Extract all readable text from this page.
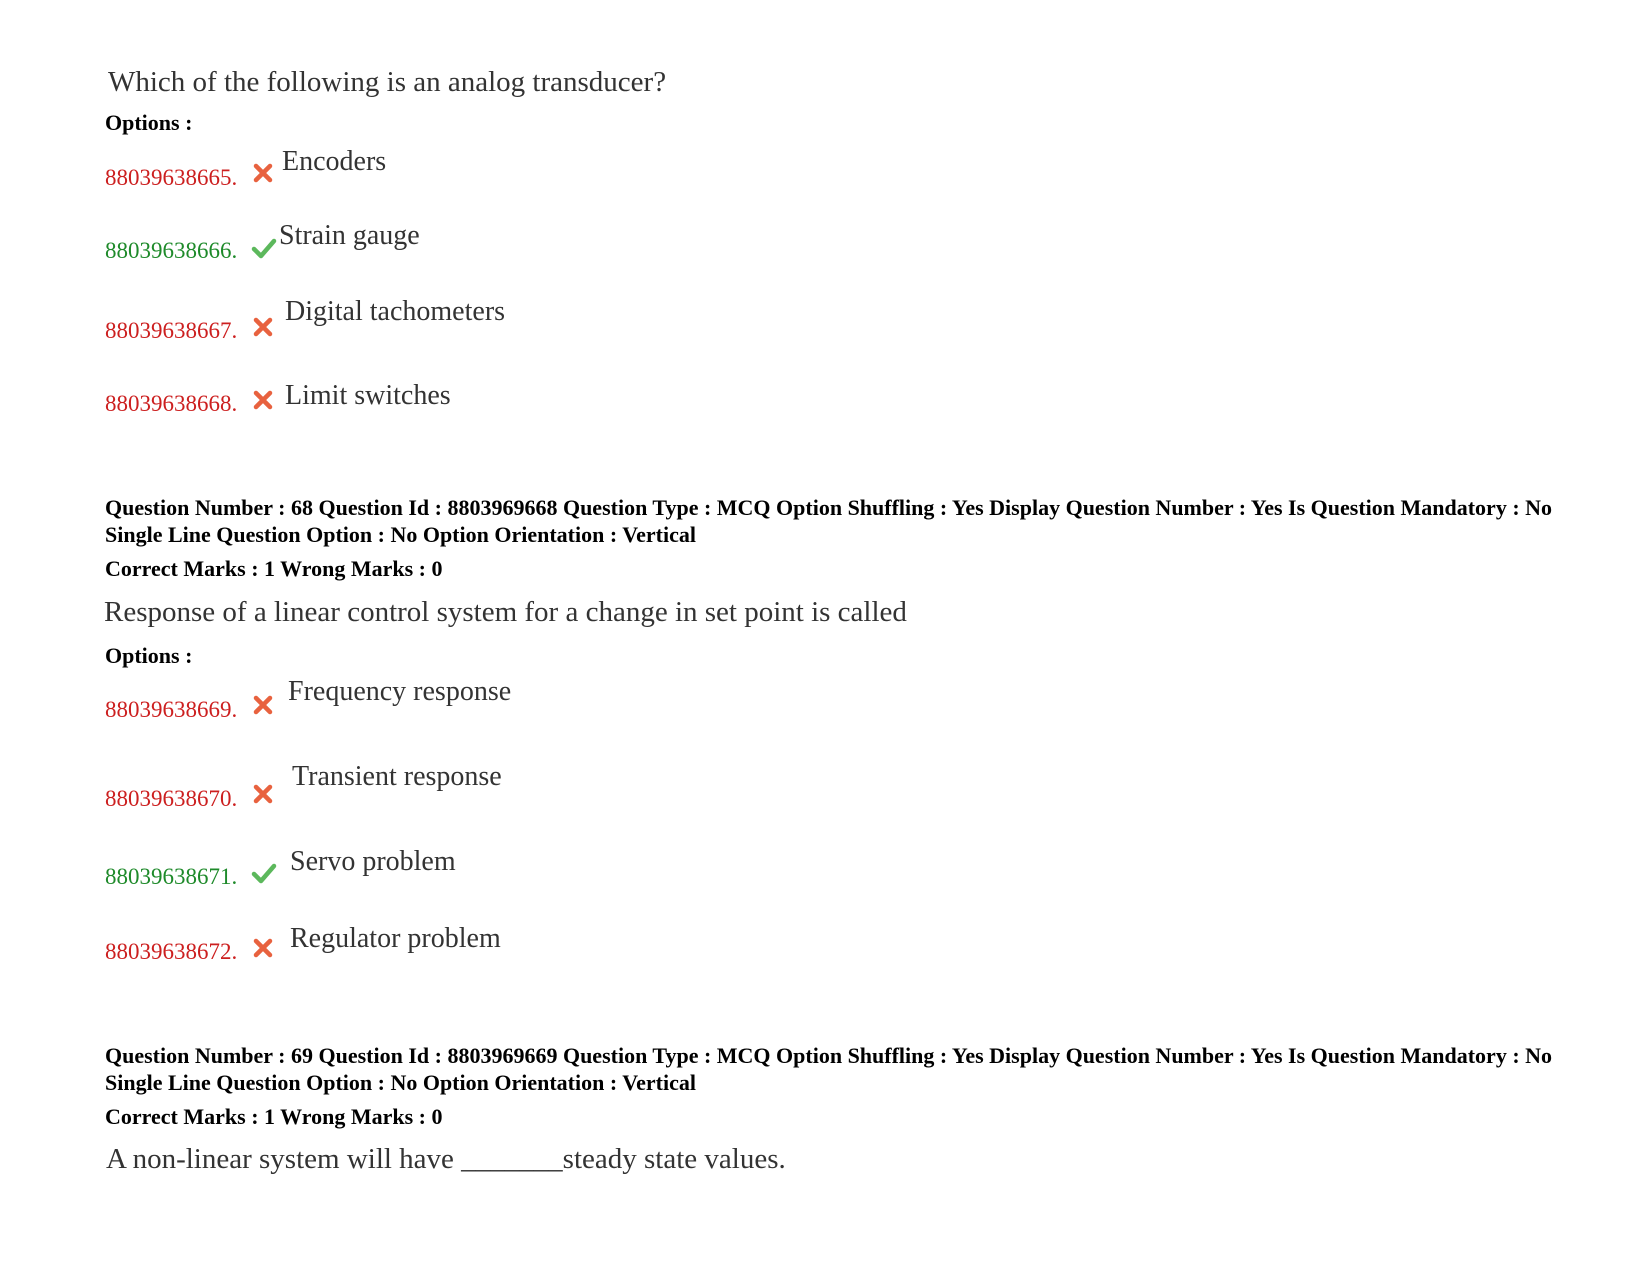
Which of the following is an analog transducer?
Options :
88039638665.
Encoders
88039638666. Strain gauge
88039638667.
Digital tachometers
88039638668. Limit switches
Question Number : 68 Question Id : 8803969668 Question Type : MCQ Option Shuffling : Yes Display Question Number : Yes Is Question Mandatory : No Single Line Question Option : No Option Orientation : Vertical
Correct Marks : 1 Wrong Marks : 0
Response of a linear control system for a change in set point is called
Options :
88039638669.
Frequency response
88039638670.
Transient response
88039638671. Servo problem
88039638672. Regulator problem
Question Number : 69 Question Id : 8803969669 Question Type : MCQ Option Shuffling : Yes Display Question Number : Yes Is Question Mandatory : No Single Line Question Option : No Option Orientation : Vertical
Correct Marks : 1 Wrong Marks : 0
A non-linear system will have _______steady state values.
